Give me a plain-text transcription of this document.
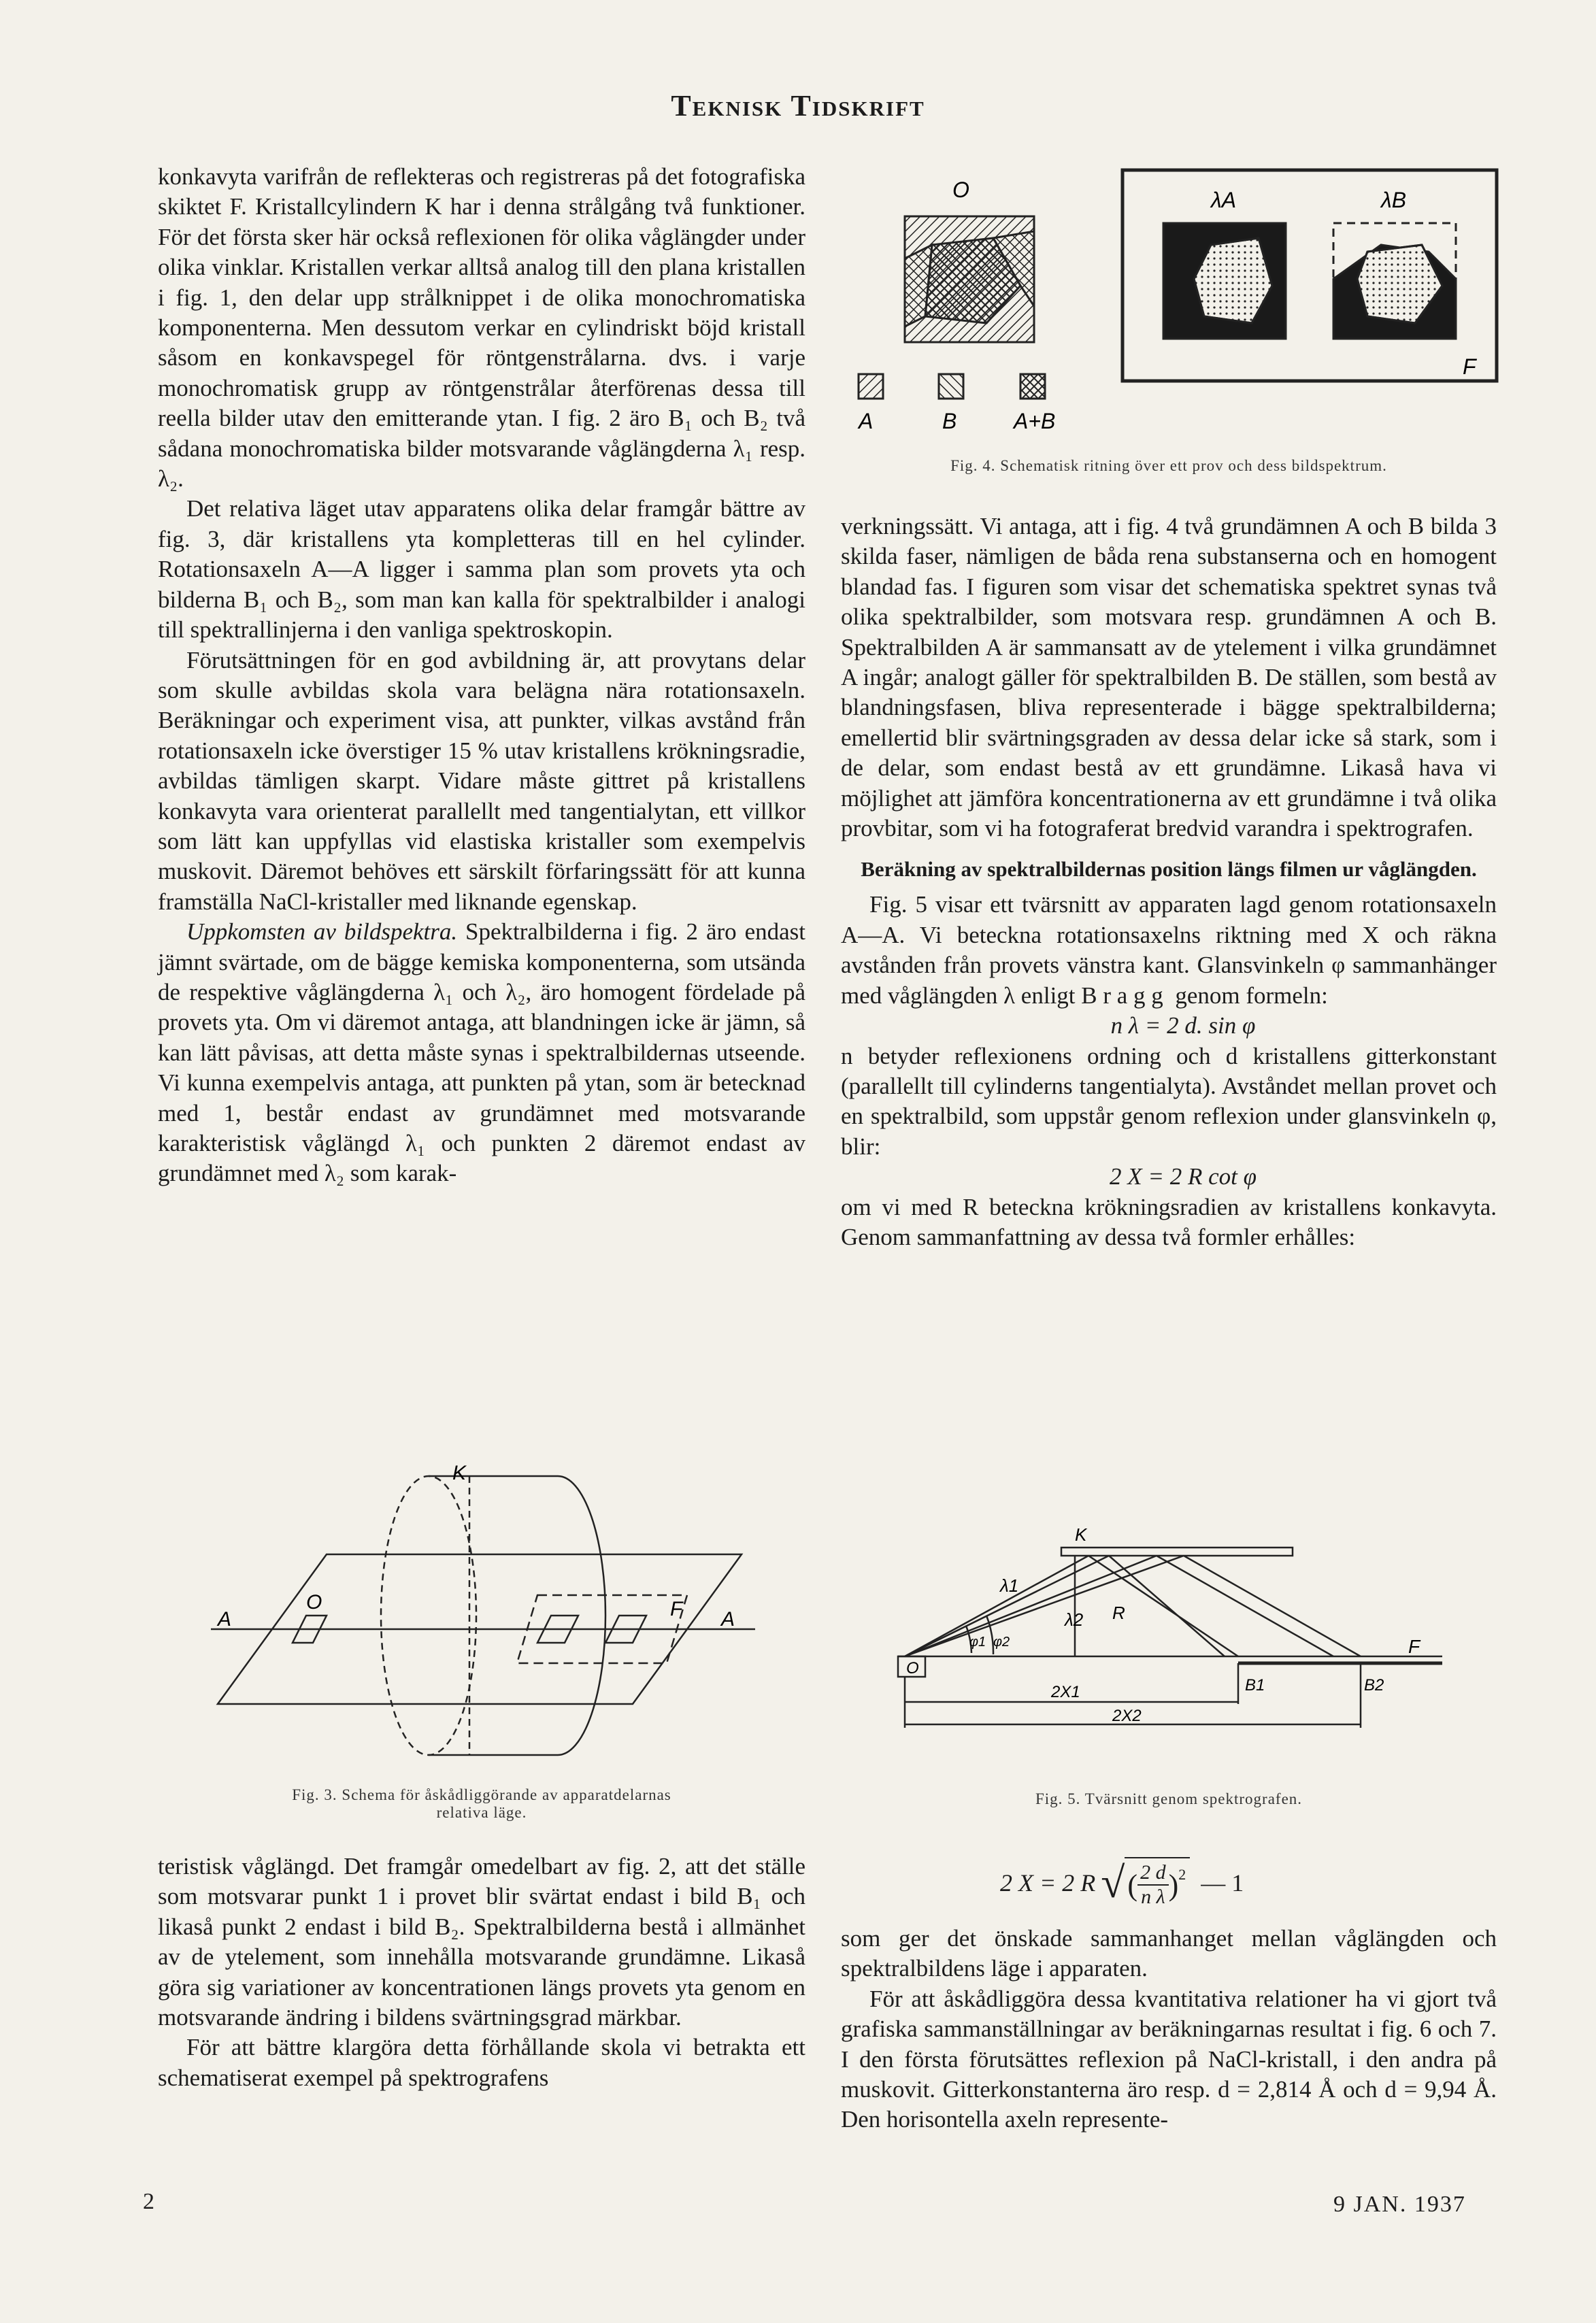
Teknisk Tidskrift

konkavyta varifrån de reflekteras och registreras på det fotografiska skiktet F. Kristallcylindern K har i denna strålgång två funktioner. För det första sker här också reflexionen för olika våglängder under olika vinklar. Kristallen verkar alltså analog till den plana kristallen i fig. 1, den delar upp strålknippet i de olika monochromatiska komponenterna. Men dessutom verkar en cylindriskt böjd kristall såsom en konkavspegel för röntgenstrålarna. dvs. i varje monochromatisk grupp av röntgenstrålar återförenas dessa till reella bilder utav den emitterande ytan. I fig. 2 äro B₁ och B₂ två sådana monochromatiska bilder motsvarande våglängderna λ₁ resp. λ₂.

Det relativa läget utav apparatens olika delar framgår bättre av fig. 3, där kristallens yta kompletteras till en hel cylinder. Rotationsaxeln A—A ligger i samma plan som provets yta och bilderna B₁ och B₂, som man kan kalla för spektralbilder i analogi till spektrallinjerna i den vanliga spektroskopin.

Förutsättningen för en god avbildning är, att provytans delar som skulle avbildas skola vara belägna nära rotationsaxeln. Beräkningar och experiment visa, att punkter, vilkas avstånd från rotationsaxeln icke överstiger 15 % utav kristallens krökningsradie, avbildas tämligen skarpt. Vidare måste gittret på kristallens konkavyta vara orienterat parallellt med tangentialytan, ett villkor som lätt kan uppfyllas vid elastiska kristaller som exempelvis muskovit. Däremot behöves ett särskilt förfaringssätt för att kunna framställa NaCl-kristaller med liknande egenskap.

Uppkomsten av bildspektra. Spektralbilderna i fig. 2 äro endast jämnt svärtade, om de bägge kemiska komponenterna, som utsända de respektive våglängderna λ₁ och λ₂, äro homogent fördelade på provets yta. Om vi däremot antaga, att blandningen icke är jämn, så kan lätt påvisas, att detta måste synas i spektralbildernas utseende. Vi kunna exempelvis antaga, att punkten på ytan, som är betecknad med 1, består endast av grundämnet med motsvarande karakteristisk våglängd λ₁ och punkten 2 däremot endast av grundämnet med λ₂ som karak-

K
O	F
A	A
Fig. 3. Schema för åskådliggörande av apparatdelarnas
relativa läge.

teristisk våglängd. Det framgår omedelbart av fig. 2, att det ställe som motsvarar punkt 1 i provet blir svärtat endast i bild B₁ och likaså punkt 2 endast i bild B₂. Spektralbilderna bestå i allmänhet av de ytelement, som innehålla motsvarande grundämne. Likaså göra sig variationer av koncentrationen längs provets yta genom en motsvarande ändring i bildens svärtningsgrad märkbar.

För att bättre klargöra detta förhållande skola vi betrakta ett schematiserat exempel på spektrografens

O	λA	λB
F
A	B	A+B
Fig. 4. Schematisk ritning över ett prov och dess bildspektrum.

verkningssätt. Vi antaga, att i fig. 4 två grundämnen A och B bilda 3 skilda faser, nämligen de båda rena substanserna och en homogent blandad fas. I figuren som visar det schematiska spektret synas två olika spektralbilder, som motsvara resp. grundämnen A och B. Spektralbilden A är sammansatt av de ytelement i vilka grundämnet A ingår; analogt gäller för spektralbilden B. De ställen, som bestå av blandningsfasen, bliva representerade i bägge spektralbilderna; emellertid blir svärtningsgraden av dessa delar icke så stark, som i de delar, som endast bestå av ett grundämne. Likaså hava vi möjlighet att jämföra koncentrationerna av ett grundämne i två olika provbitar, som vi ha fotograferat bredvid varandra i spektrografen.

Beräkning av spektralbildernas position längs filmen ur våglängden.

Fig. 5 visar ett tvärsnitt av apparaten lagd genom rotationsaxeln A—A. Vi beteckna rotationsaxelns riktning med X och räkna avstånden från provets vänstra kant. Glansvinkeln φ sammanhänger med våglängden λ enligt Bragg genom formeln:

n λ = 2 d. sin φ

n betyder reflexionens ordning och d kristallens gitterkonstant (parallellt till cylinderns tangentialyta). Avståndet mellan provet och en spektralbild, som uppstår genom reflexion under glansvinkeln φ, blir:

2 X = 2 R cot φ

om vi med R beteckna krökningsradien av kristallens konkavyta. Genom sammanfattning av dessa två formler erhålles:

K
λ1
λ2 R
φ1 φ2
O
F
B1	B2
2X1
2X2
Fig. 5. Tvärsnitt genom spektrografen.
2 X = 2 R √ ( $\frac{2 d}{\text{n λ}}$ ) 2 — 1

som ger det önskade sammanhanget mellan våglängden och spektralbildens läge i apparaten.

För att åskådliggöra dessa kvantitativa relationer ha vi gjort två grafiska sammanställningar av beräkningarnas resultat i fig. 6 och 7. I den första förutsättes reflexion på NaCl-kristall, i den andra på muskovit. Gitterkonstanterna äro resp. d = 2,814 Å och d = 9,94 Å. Den horisontella axeln represente-

2	9 JAN. 1937
